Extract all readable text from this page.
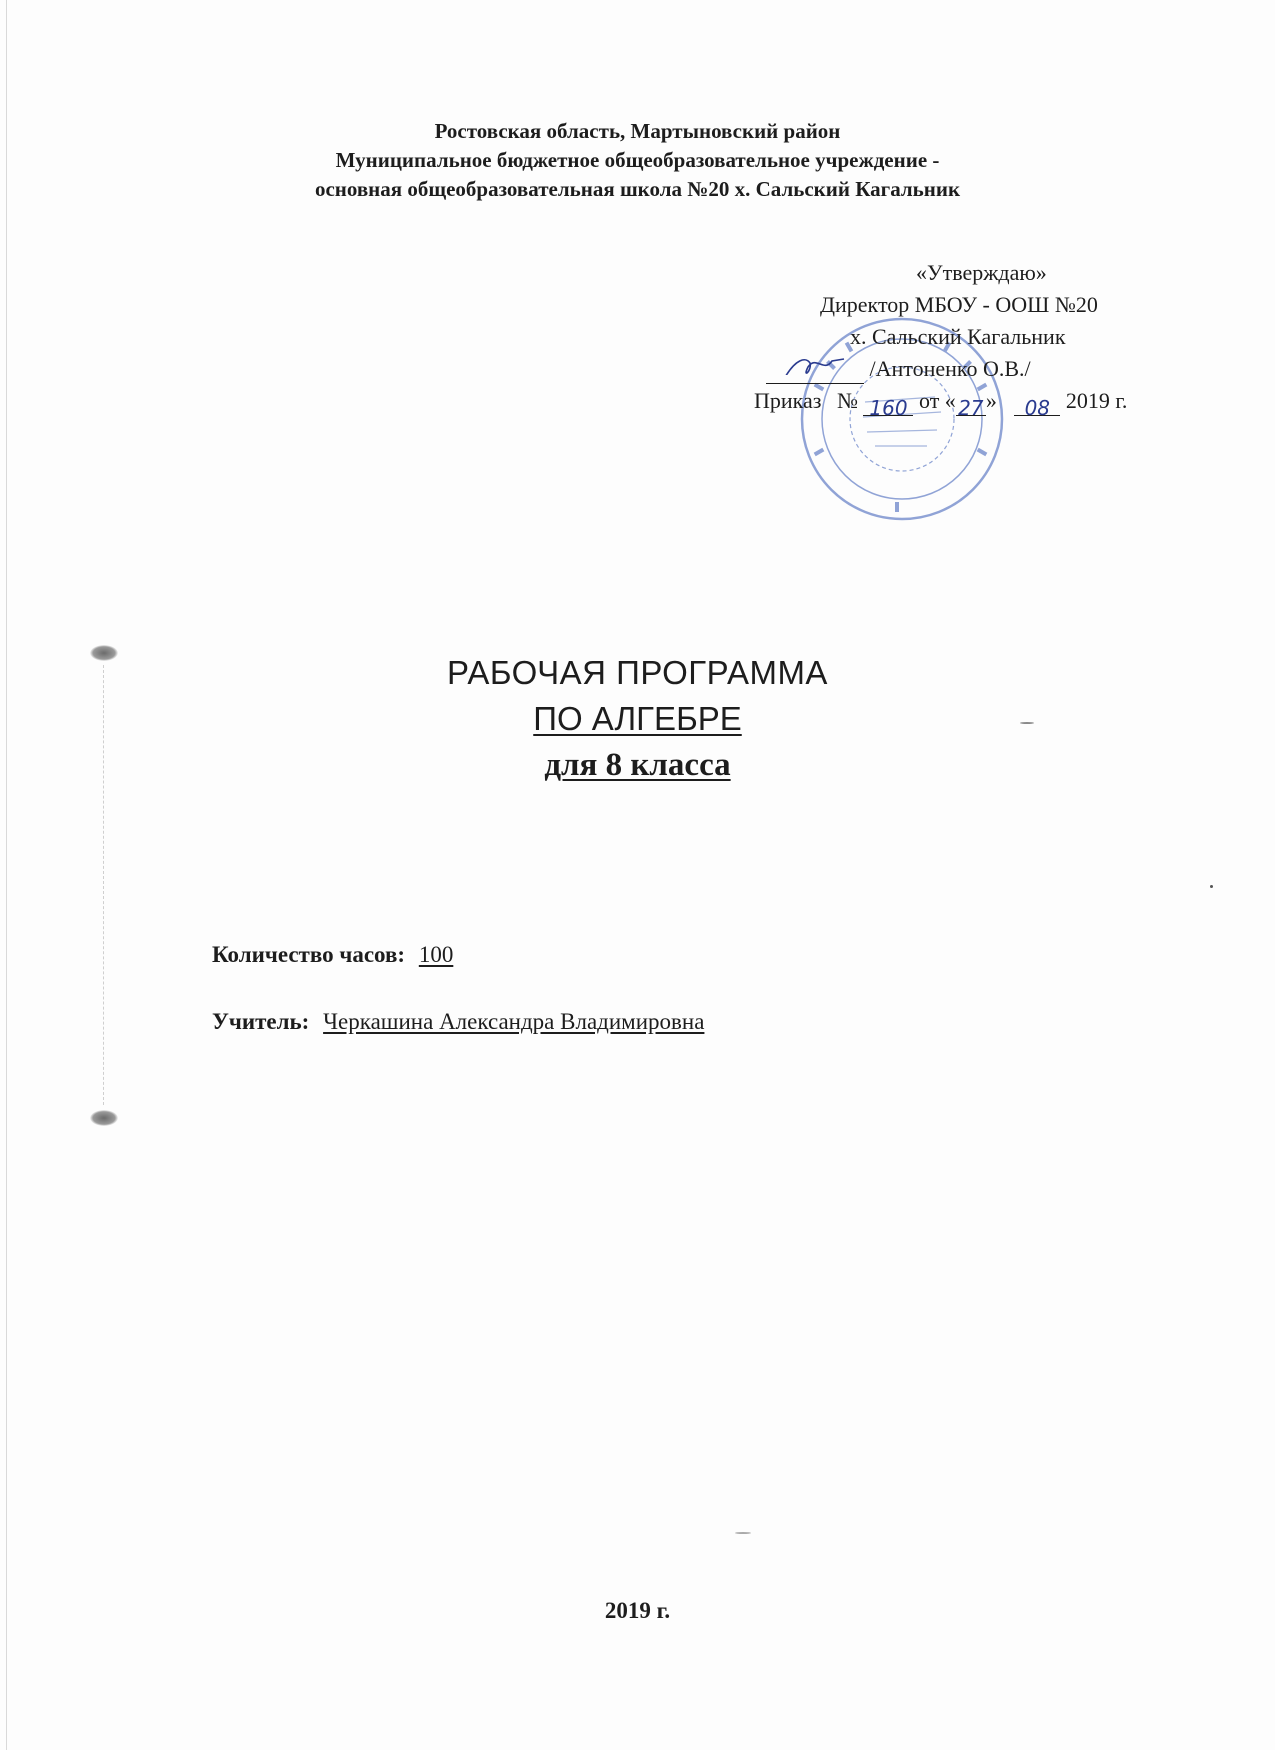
Ростовская область, Мартыновский район
Муниципальное бюджетное общеобразовательное учреждение -
основная общеобразовательная школа №20 х. Сальский Кагальник
«Утверждаю»
Директор МБОУ - ООШ №20
х. Сальский Кагальник
/Антоненко О.В./
Приказ № 160 от « 27 » 08 2019 г.
РАБОЧАЯ ПРОГРАММА
ПО АЛГЕБРЕ
для 8 класса
Количество часов: 100
Учитель: Черкашина Александра Владимировна
2019 г.
